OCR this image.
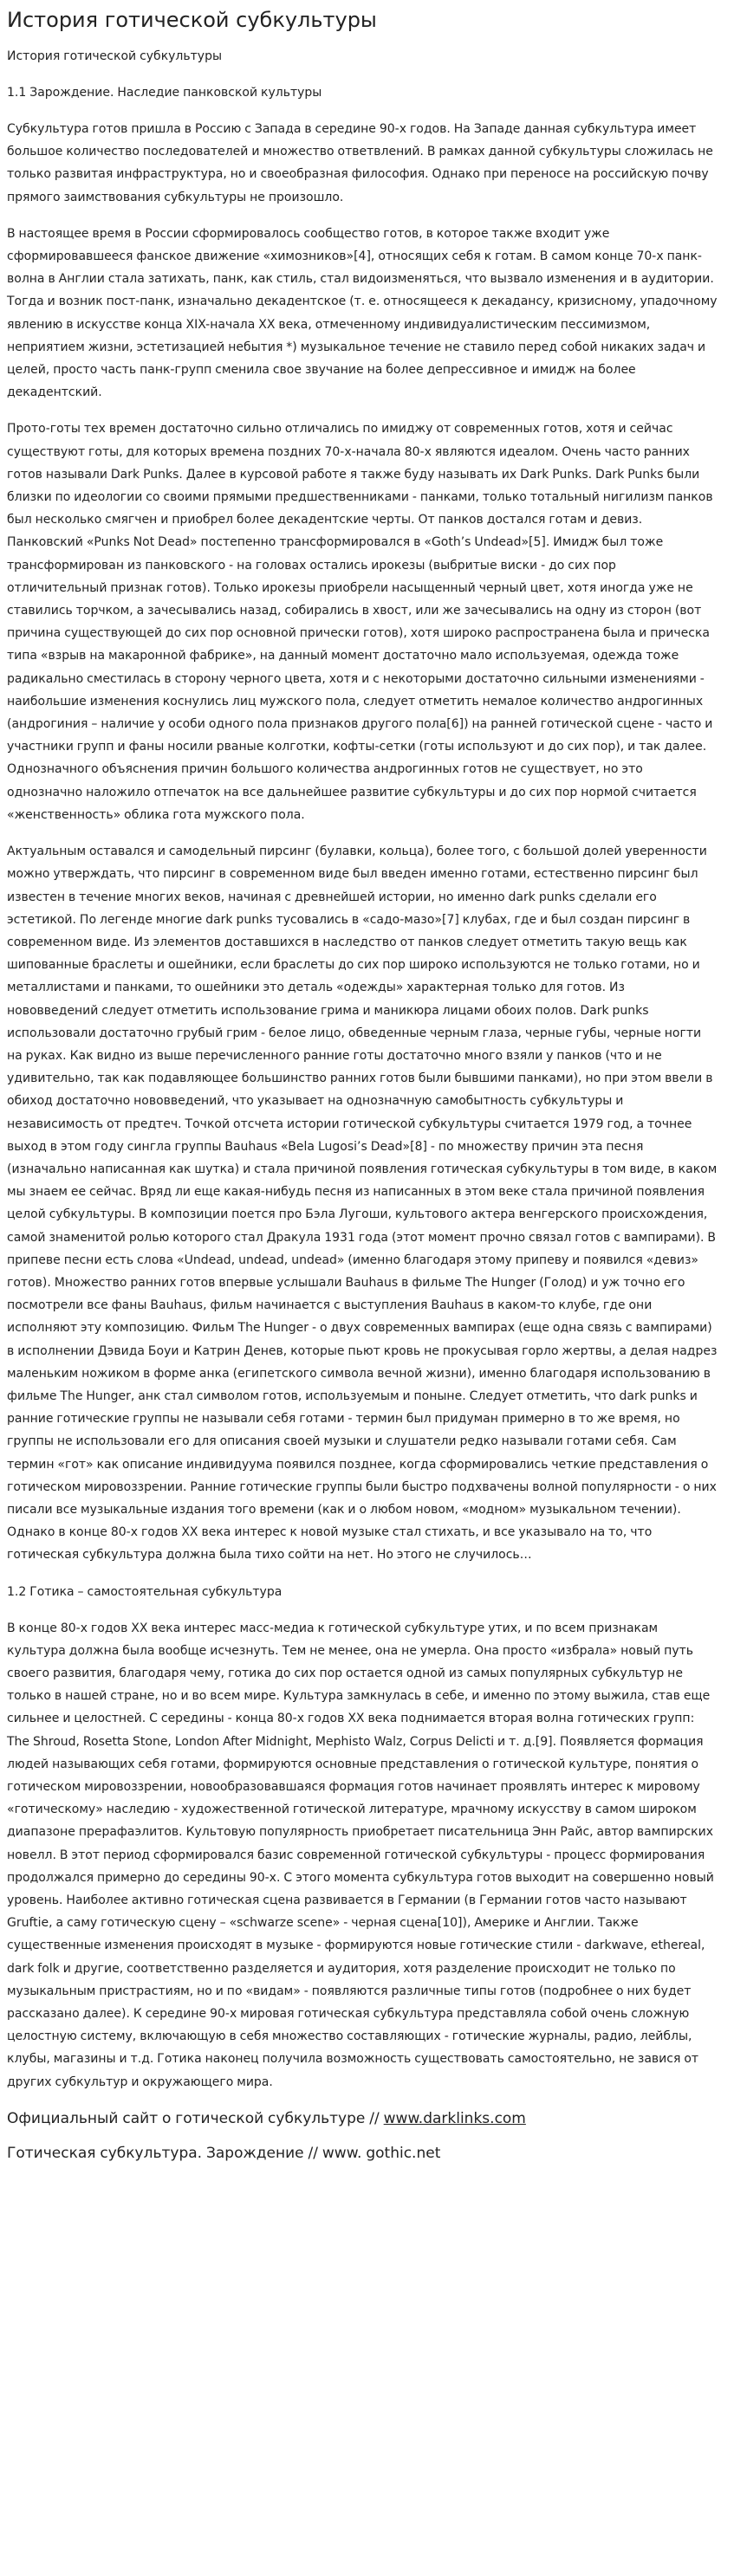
История готической субкультуры

История готической субкультуры

1.1 Зарождение. Наследие панковской культуры

Субкультура готов пришла в Россию с Запада в середине 90-х годов. На Западе данная субкультура имеет большое количество последователей и множество ответвлений. В рамках данной субкультуры сложилась не только развитая инфраструктура, но и своеобразная философия. Однако при переносе на российскую почву прямого заимствования субкультуры не произошло.

В настоящее время в России сформировалось сообщество готов, в которое также входит уже сформировавшееся фанское движение «химозников»[4], относящих себя к готам. В самом конце 70-х панк-волна в Англии стала затихать, панк, как стиль, стал видоизменяться, что вызвало изменения и в аудитории. Тогда и возник пост-панк, изначально декадентское (т. е. относящееся к декадансу, кризисному, упадочному явлению в искусстве конца XIX-начала XX века, отмеченному индивидуалистическим пессимизмом, неприятием жизни, эстетизацией небытия *) музыкальное течение не ставило перед собой никаких задач и целей, просто часть панк-групп сменила свое звучание на более депрессивное и имидж на более декадентский.

Прото-готы тех времен достаточно сильно отличались по имиджу от современных готов, хотя и сейчас существуют готы, для которых времена поздних 70-х-начала 80-х являются идеалом. Очень часто ранних готов называли Dark Punks. Далее в курсовой работе я также буду называть их Dark Punks. Dark Punks были близки по идеологии со своими прямыми предшественниками - панками, только тотальный нигилизм панков был несколько смягчен и приобрел более декадентские черты. От панков достался готам и девиз. Панковский «Punks Not Dead» постепенно трансформировался в «Goth’s Undead»[5]. Имидж был тоже трансформирован из панковского - на головах остались ирокезы (выбритые виски - до сих пор отличительный признак готов). Только ирокезы приобрели насыщенный черный цвет, хотя иногда уже не ставились торчком, а зачесывались назад, собирались в хвост, или же зачесывались на одну из сторон (вот причина существующей до сих пор основной прически готов), хотя широко распространена была и прическа типа «взрыв на макаронной фабрике», на данный момент достаточно мало используемая, одежда тоже радикально сместилась в сторону черного цвета, хотя и с некоторыми достаточно сильными изменениями - наибольшие изменения коснулись лиц мужского пола, следует отметить немалое количество андрогинных (андрогиния – наличие у особи одного пола признаков другого пола[6]) на ранней готической сцене - часто и участники групп и фаны носили рваные колготки, кофты-сетки (готы используют и до сих пор), и так далее. Однозначного объяснения причин большого количества андрогинных готов не существует, но это однозначно наложило отпечаток на все дальнейшее развитие субкультуры и до сих пор нормой считается «женственность» облика гота мужского пола.

Актуальным оставался и самодельный пирсинг (булавки, кольца), более того, с большой долей уверенности можно утверждать, что пирсинг в современном виде был введен именно готами, естественно пирсинг был известен в течение многих веков, начиная с древнейшей истории, но именно dark punks сделали его эстетикой. По легенде многие dark punks тусовались в «садо-мазо»[7] клубах, где и был создан пирсинг в современном виде. Из элементов доставшихся в наследство от панков следует отметить такую вещь как шипованные браслеты и ошейники, если браслеты до сих пор широко используются не только готами, но и металлистами и панками, то ошейники это деталь «одежды» характерная только для готов. Из нововведений следует отметить использование грима и маникюра лицами обоих полов. Dark punks использовали достаточно грубый грим - белое лицо, обведенные черным глаза, черные губы, черные ногти на руках. Как видно из выше перечисленного ранние готы достаточно много взяли у панков (что и не удивительно, так как подавляющее большинство ранних готов были бывшими панками), но при этом ввели в обиход достаточно нововведений, что указывает на однозначную самобытность субкультуры и независимость от предтеч. Точкой отсчета истории готической субкультуры считается 1979 год, а точнее выход в этом году сингла группы Bauhaus «Bela Lugosi’s Dead»[8] - по множеству причин эта песня (изначально написанная как шутка) и стала причиной появления готическая субкультуры в том виде, в каком мы знаем ее сейчас. Вряд ли еще какая-нибудь песня из написанных в этом веке стала причиной появления целой субкультуры. В композиции поется про Бэла Лугоши, культового актера венгерского происхождения, самой знаменитой ролью которого стал Дракула 1931 года (этот момент прочно связал готов с вампирами). В припеве песни есть слова «Undead, undead, undead» (именно благодаря этому припеву и появился «девиз» готов). Множество ранних готов впервые услышали Bauhaus в фильме The Hunger (Голод) и уж точно его посмотрели все фаны Bauhaus, фильм начинается с выступления Bauhaus в каком-то клубе, где они исполняют эту композицию. Фильм The Hunger - о двух современных вампирах (еще одна связь с вампирами) в исполнении Дэвида Боуи и Катрин Денев, которые пьют кровь не прокусывая горло жертвы, а делая надрез маленьким ножиком в форме анка (египетского символа вечной жизни), именно благодаря использованию в фильме The Hunger, анк стал символом готов, используемым и поныне. Следует отметить, что dark punks и ранние готические группы не называли себя готами - термин был придуман примерно в то же время, но группы не использовали его для описания своей музыки и слушатели редко называли готами себя. Сам термин «гот» как описание индивидуума появился позднее, когда сформировались четкие представления о готическом мировоззрении. Ранние готические группы были быстро подхвачены волной популярности - о них писали все музыкальные издания того времени (как и о любом новом, «модном» музыкальном течении). Однако в конце 80-х годов XX века интерес к новой музыке стал стихать, и все указывало на то, что готическая субкультура должна была тихо сойти на нет. Но этого не случилось…

1.2 Готика – самостоятельная субкультура

В конце 80-х годов XX века интерес масс-медиа к готической субкультуре утих, и по всем признакам культура должна была вообще исчезнуть. Тем не менее, она не умерла. Она просто «избрала» новый путь своего развития, благодаря чему, готика до сих пор остается одной из самых популярных субкультур не только в нашей стране, но и во всем мире. Культура замкнулась в себе, и именно по этому выжила, став еще сильнее и целостней. С середины - конца 80-х годов XX века поднимается вторая волна готических групп: The Shroud, Rosetta Stone, London After Midnight, Mephisto Walz, Corpus Delicti и т. д.[9]. Появляется формация людей называющих себя готами, формируются основные представления о готической культуре, понятия о готическом мировоззрении, новообразовавшаяся формация готов начинает проявлять интерес к мировому «готическому» наследию - художественной готической литературе, мрачному искусству в самом широком диапазоне прерафаэлитов. Культовую популярность приобретает писательница Энн Райс, автор вампирских новелл. В этот период сформировался базис современной готической субкультуры - процесс формирования продолжался примерно до середины 90-х. С этого момента субкультура готов выходит на совершенно новый уровень. Наиболее активно готическая сцена развивается в Германии (в Германии готов часто называют Gruftie, а саму готическую сцену – «schwarze scene» - черная сцена[10]), Америке и Англии. Также существенные изменения происходят в музыке - формируются новые готические стили - darkwave, ethereal, dark folk и другие, соответственно разделяется и аудитория, хотя разделение происходит не только по музыкальным пристрастиям, но и по «видам» - появляются различные типы готов (подробнее о них будет рассказано далее). К середине 90-х мировая готическая субкультура представляла собой очень сложную целостную систему, включающую в себя множество составляющих - готические журналы, радио, лейблы, клубы, магазины и т.д. Готика наконец получила возможность существовать самостоятельно, не завися от других субкультур и окружающего мира.

Официальный сайт о готической субкультуре // www.darklinks.com

Готическая субкультура. Зарождение // www. gothic.net
